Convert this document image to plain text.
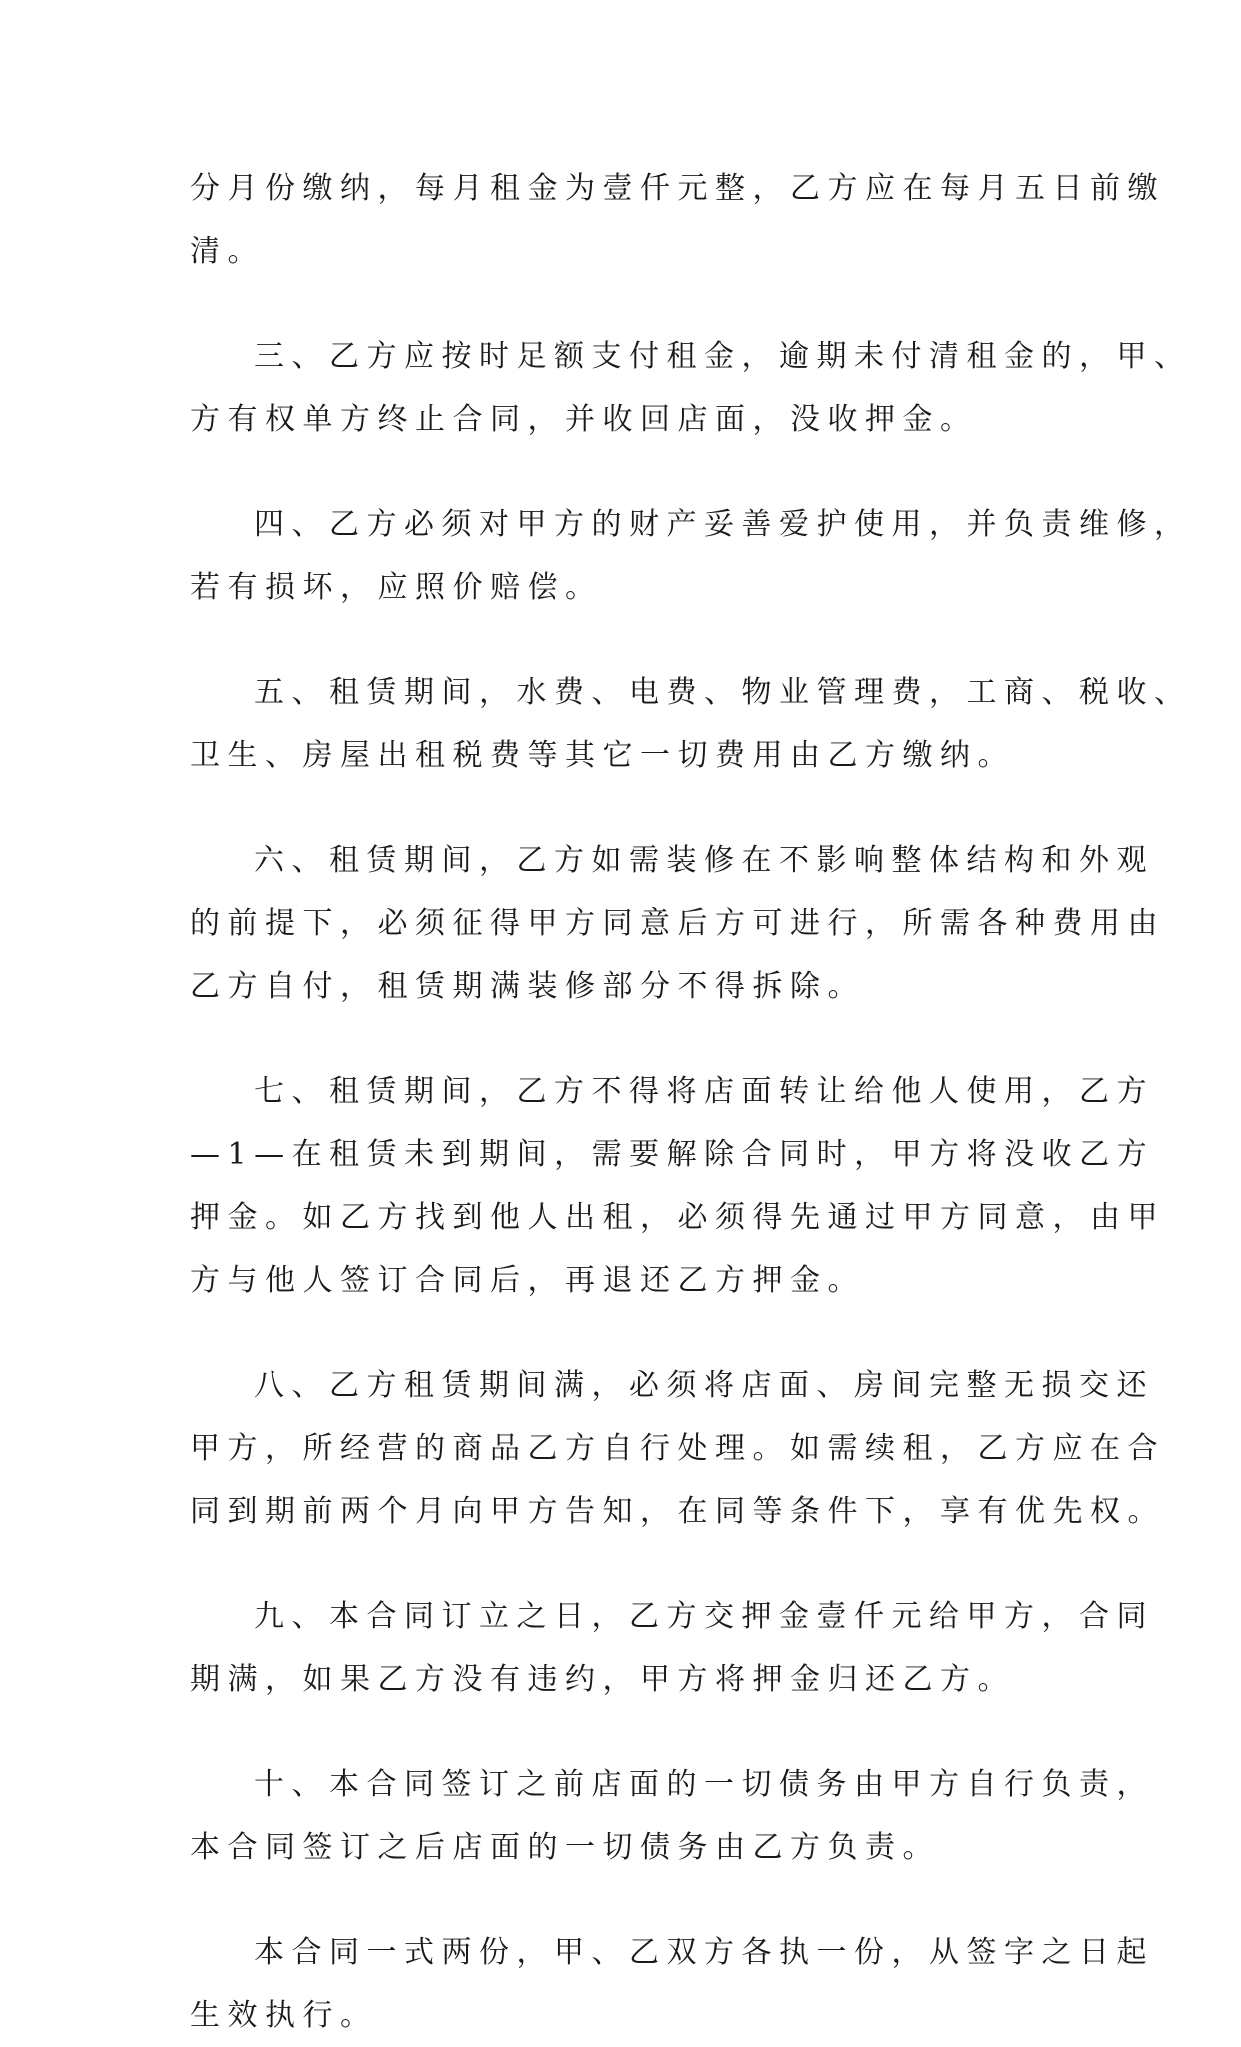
分月份缴纳，每月租金为壹仟元整，乙方应在每月五日前缴
清。
三、乙方应按时足额支付租金，逾期未付清租金的，甲、
方有权单方终止合同，并收回店面，没收押金。
四、乙方必须对甲方的财产妥善爱护使用，并负责维修，
若有损坏，应照价赔偿。
五、租赁期间，水费、电费、物业管理费，工商、税收、
卫生、房屋出租税费等其它一切费用由乙方缴纳。
六、租赁期间，乙方如需装修在不影响整体结构和外观
的前提下，必须征得甲方同意后方可进行，所需各种费用由
乙方自付，租赁期满装修部分不得拆除。
七、租赁期间，乙方不得将店面转让给他人使用，乙方
—1—在租赁未到期间，需要解除合同时，甲方将没收乙方
押金。如乙方找到他人出租，必须得先通过甲方同意，由甲
方与他人签订合同后，再退还乙方押金。
八、乙方租赁期间满，必须将店面、房间完整无损交还
甲方，所经营的商品乙方自行处理。如需续租，乙方应在合
同到期前两个月向甲方告知，在同等条件下，享有优先权。
九、本合同订立之日，乙方交押金壹仟元给甲方，合同
期满，如果乙方没有违约，甲方将押金归还乙方。
十、本合同签订之前店面的一切债务由甲方自行负责，
本合同签订之后店面的一切债务由乙方负责。
本合同一式两份，甲、乙双方各执一份，从签字之日起
生效执行。
